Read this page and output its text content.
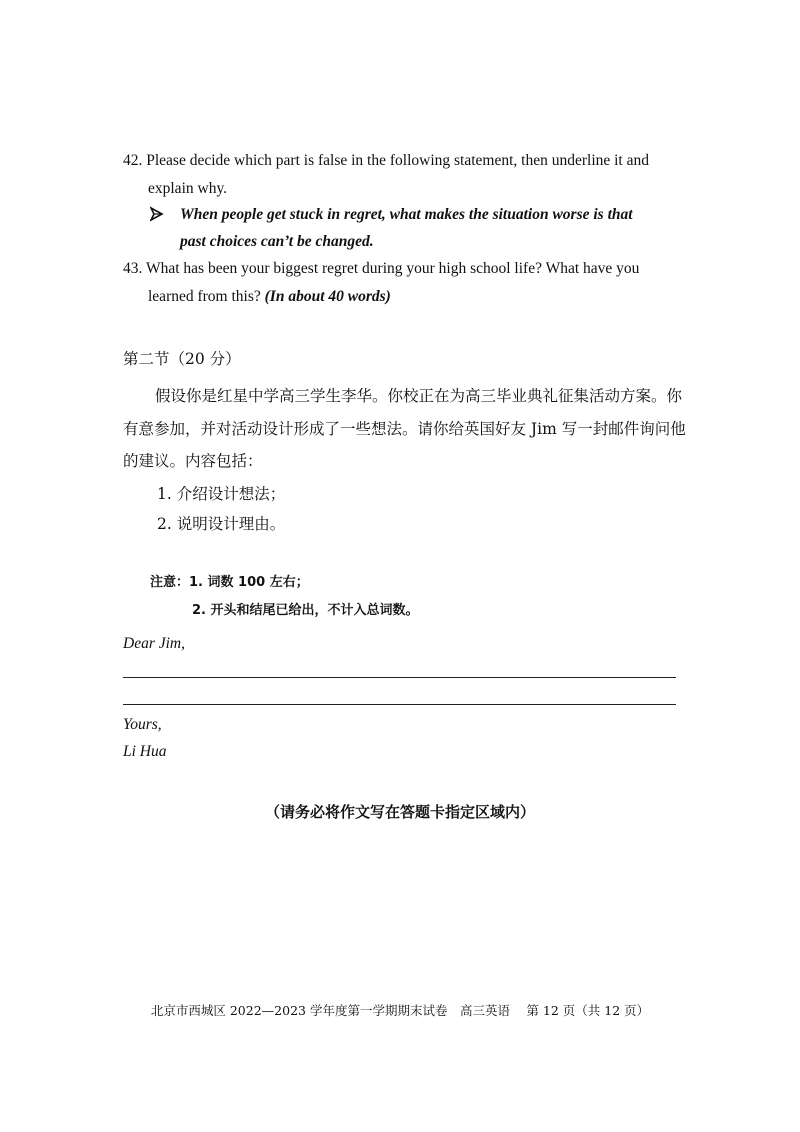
42. Please decide which part is false in the following statement, then underline it and
explain why.
When people get stuck in regret, what makes the situation worse is that
past choices can’t be changed.
43. What has been your biggest regret during your high school life? What have you
learned from this? (In about 40 words)
第二节（20 分）
假设你是红星中学高三学生李华。你校正在为高三毕业典礼征集活动方案。你
有意参加，并对活动设计形成了一些想法。请你给英国好友 Jim 写一封邮件询问他
的建议。内容包括：
1. 介绍设计想法；
2. 说明设计理由。
注意：1. 词数 100 左右；
2. 开头和结尾已给出，不计入总词数。
Dear Jim,
Yours,
Li Hua
（请务必将作文写在答题卡指定区域内）
北京市西城区 2022—2023 学年度第一学期期末试卷　高三英语　 第 12 页（共 12 页）
